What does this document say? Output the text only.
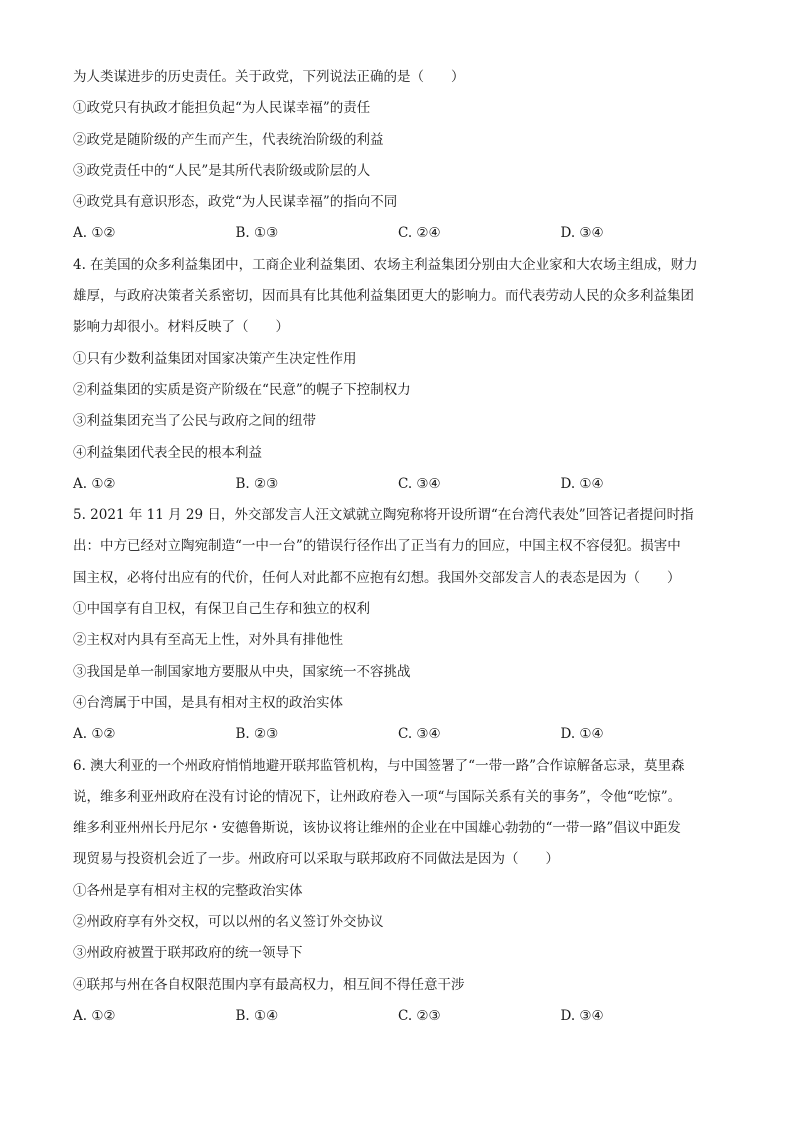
为人类谋进步的历史责任。关于政党，下列说法正确的是（　　）
①政党只有执政才能担负起“为人民谋幸福”的责任
②政党是随阶级的产生而产生，代表统治阶级的利益
③政党责任中的“人民”是其所代表阶级或阶层的人
④政党具有意识形态，政党“为人民谋幸福”的指向不同
A. ①②	B. ①③	C. ②④	D. ③④
4. 在美国的众多利益集团中，工商企业利益集团、农场主利益集团分别由大企业家和大农场主组成，财力
雄厚，与政府决策者关系密切，因而具有比其他利益集团更大的影响力。而代表劳动人民的众多利益集团
影响力却很小。材料反映了（　　）
①只有少数利益集团对国家决策产生决定性作用
②利益集团的实质是资产阶级在“民意”的幌子下控制权力
③利益集团充当了公民与政府之间的纽带
④利益集团代表全民的根本利益
A. ①②	B. ②③	C. ③④	D. ①④
5. 2021 年 11 月 29 日，外交部发言人汪文斌就立陶宛称将开设所谓“在台湾代表处”回答记者提问时指
出：中方已经对立陶宛制造“一中一台”的错误行径作出了正当有力的回应，中国主权不容侵犯。损害中
国主权，必将付出应有的代价，任何人对此都不应抱有幻想。我国外交部发言人的表态是因为（　　）
①中国享有自卫权，有保卫自己生存和独立的权利
②主权对内具有至高无上性，对外具有排他性
③我国是单一制国家地方要服从中央，国家统一不容挑战
④台湾属于中国，是具有相对主权的政治实体
A. ①②	B. ②③	C. ③④	D. ①④
6. 澳大利亚的一个州政府悄悄地避开联邦监管机构，与中国签署了“一带一路”合作谅解备忘录，莫里森
说，维多利亚州政府在没有讨论的情况下，让州政府卷入一项“与国际关系有关的事务”，令他“吃惊”。
维多利亚州州长丹尼尔・安德鲁斯说，该协议将让维州的企业在中国雄心勃勃的“一带一路”倡议中距发
现贸易与投资机会近了一步。州政府可以采取与联邦政府不同做法是因为（　　）
①各州是享有相对主权的完整政治实体
②州政府享有外交权，可以以州的名义签订外交协议
③州政府被置于联邦政府的统一领导下
④联邦与州在各自权限范围内享有最高权力，相互间不得任意干涉
A. ①②	B. ①④	C. ②③	D. ③④
